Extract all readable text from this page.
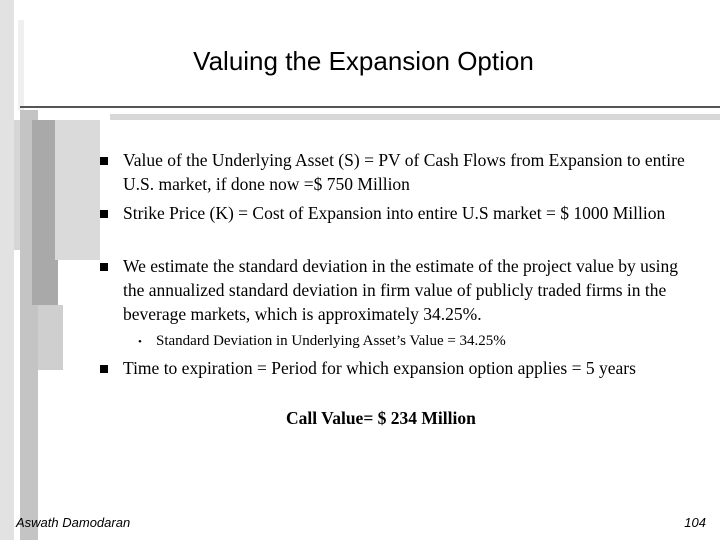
Valuing the Expansion Option
Value of the Underlying Asset (S) = PV of Cash Flows from Expansion to entire U.S. market, if done now =$ 750 Million
Strike Price (K) = Cost of Expansion into entire U.S market = $ 1000 Million
We estimate the standard deviation in the estimate of the project value by using the annualized standard deviation in firm value of publicly traded firms in the beverage markets, which is approximately 34.25%.
• Standard Deviation in Underlying Asset’s Value = 34.25%
Time to expiration = Period for which expansion option applies = 5 years
Call Value= $ 234 Million
Aswath Damodaran	104
